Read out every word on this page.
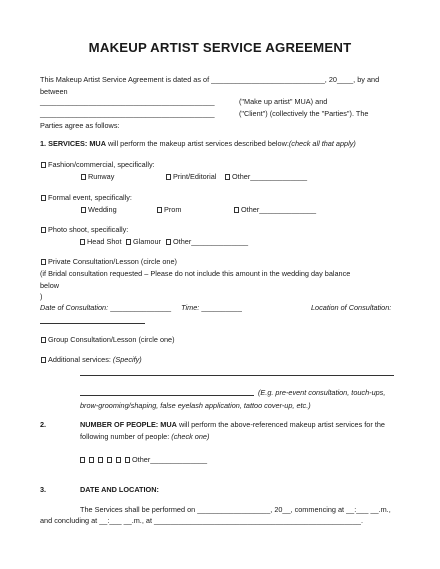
MAKEUP ARTIST SERVICE AGREEMENT
This Makeup Artist Service Agreement is dated as of ____________________________, 20____, by and
between
___________________________________________	("Make up artist" MUA) and
___________________________________________	("Client") (collectively the "Parties"). The
Parties agree as follows:
1. SERVICES: MUA will perform the makeup artist services described below:(check all that apply)
Fashion/commercial, specifically:
Runway	Print/Editorial	Other______________
Formal event, specifically:
Wedding	Prom	Other______________
Photo shoot, specifically:
Head Shot	Glamour	Other______________
Private Consultation/Lesson (circle one)
(if Bridal consultation requested – Please do not include this amount in the wedding day balance
below
)
Date of Consultation: _______________ Time: __________	Location of Consultation:
Group Consultation/Lesson (circle one)
Additional services: (Specify)
(E.g. pre-event consultation, touch-ups,
brow-grooming/shaping, false eyelash application, tattoo cover-up, etc.)
2.	NUMBER OF PEOPLE: MUA will perform the above-referenced makeup artist services for the
following number of people: (check one)
Other______________
3.	DATE AND LOCATION:
The Services shall be performed on __________________, 20__, commencing at __:___ __.m.,
and concluding at __:___ __.m., at ___________________________________________________.
